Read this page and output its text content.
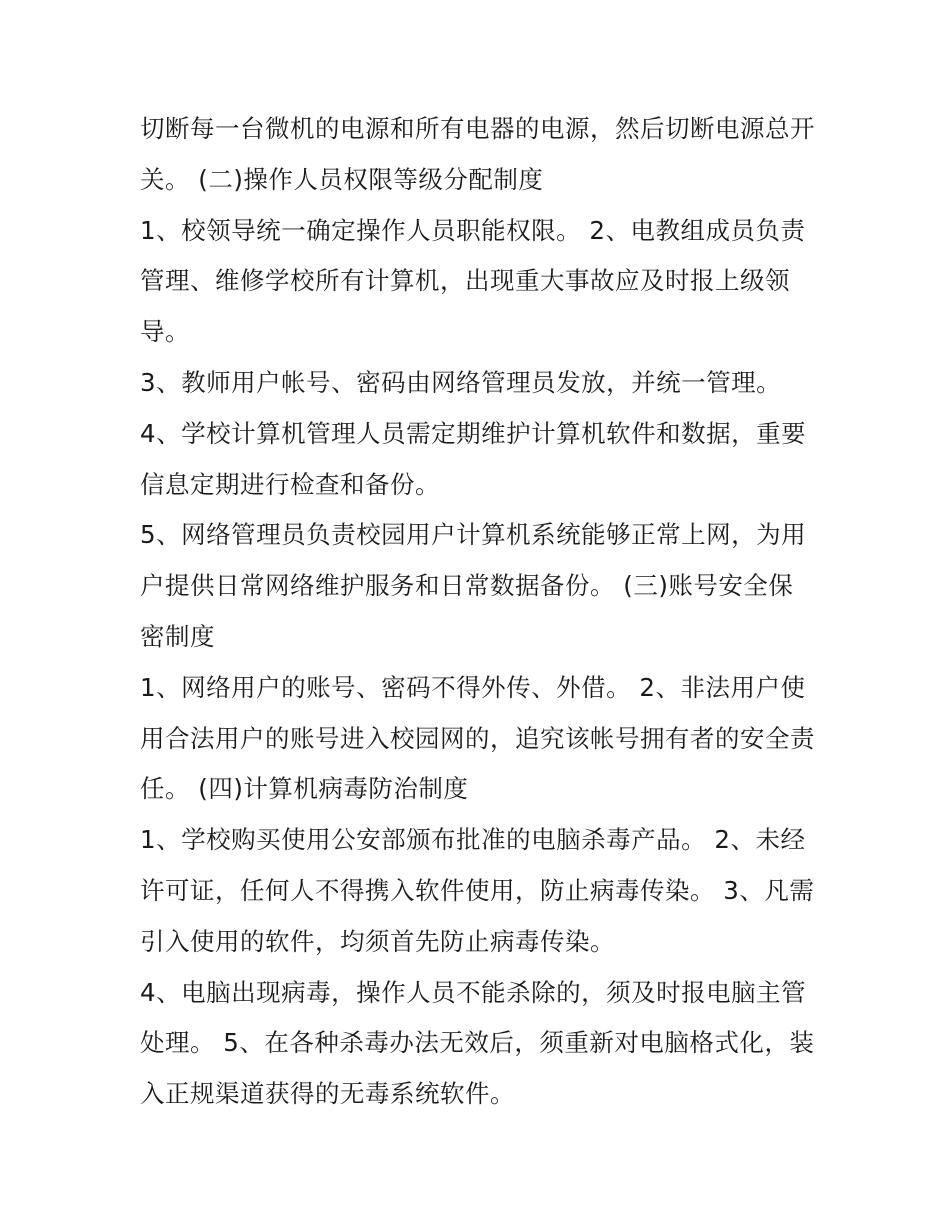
切断每一台微机的电源和所有电器的电源，然后切断电源总开
关。 (二)操作人员权限等级分配制度
1、校领导统一确定操作人员职能权限。 2、电教组成员负责
管理、维修学校所有计算机，出现重大事故应及时报上级领
导。
3、教师用户帐号、密码由网络管理员发放，并统一管理。
4、学校计算机管理人员需定期维护计算机软件和数据，重要
信息定期进行检查和备份。
5、网络管理员负责校园用户计算机系统能够正常上网，为用
户提供日常网络维护服务和日常数据备份。 (三)账号安全保
密制度
1、网络用户的账号、密码不得外传、外借。 2、非法用户使
用合法用户的账号进入校园网的，追究该帐号拥有者的安全责
任。 (四)计算机病毒防治制度
1、学校购买使用公安部颁布批准的电脑杀毒产品。 2、未经
许可证，任何人不得携入软件使用，防止病毒传染。 3、凡需
引入使用的软件，均须首先防止病毒传染。
4、电脑出现病毒，操作人员不能杀除的，须及时报电脑主管
处理。 5、在各种杀毒办法无效后，须重新对电脑格式化，装
入正规渠道获得的无毒系统软件。
